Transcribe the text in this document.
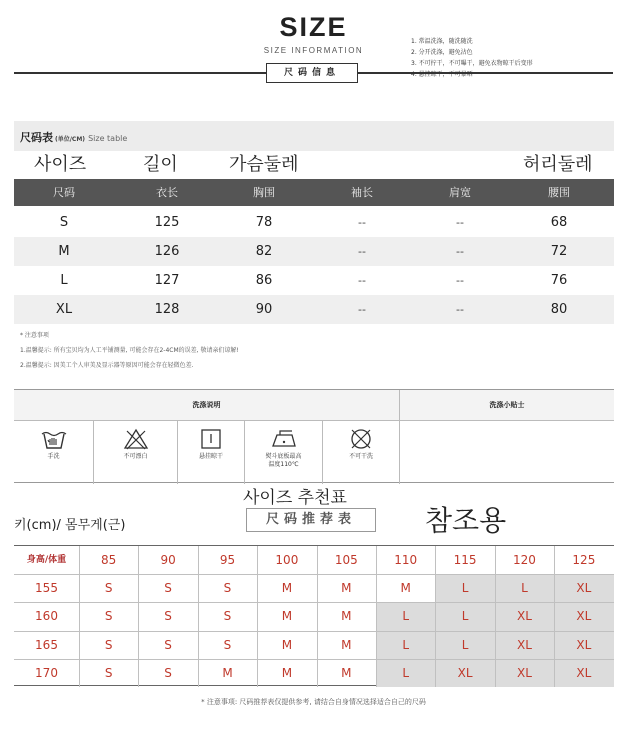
SIZE
SIZE INFORMATION
尺码信息
尺码表 (单位/CM) Size table
사이즈	길이	가슴둘레	허리둘레
尺码	衣长	胸围	袖长	肩宽	腰围
S	125	78	--	--	68
M	126	82	--	--	72
L	127	86	--	--	76
XL	128	90	--	--	80
* 注意事项
1.温馨提示: 所有宝贝均为人工平铺测量, 可能会存在2-4CM的误差, 敬请亲们谅解!
2.温馨提示: 因美工个人审美及显示器等原因可能会存在轻微色差.
洗涤说明	洗涤小贴士
手洗	不可漂白	悬挂晾干	熨斗底板最高
温度110℃
不可干洗
1. 常温洗涤，随洗随洗
2. 分开洗涤，避免沾色
3. 不可拧干，不可曝干，避免衣物晾干后变形
4. 悬挂晾干，不可暴晒
사이즈 추천표
尺码推荐表	참조용
키(cm)/ 몸무게(근)
身高/体重	85	90	95	100	105	110	115	120	125
155	S	S	S	M	M	M	L	L	XL
160	S	S	S	M	M	L	L	XL	XL
165	S	S	S	M	M	L	L	XL	XL
170	S	S	M	M	M	L	XL	XL	XL
* 注意事项: 尺码推荐表仅提供参考, 请结合自身情况选择适合自己的尺码
